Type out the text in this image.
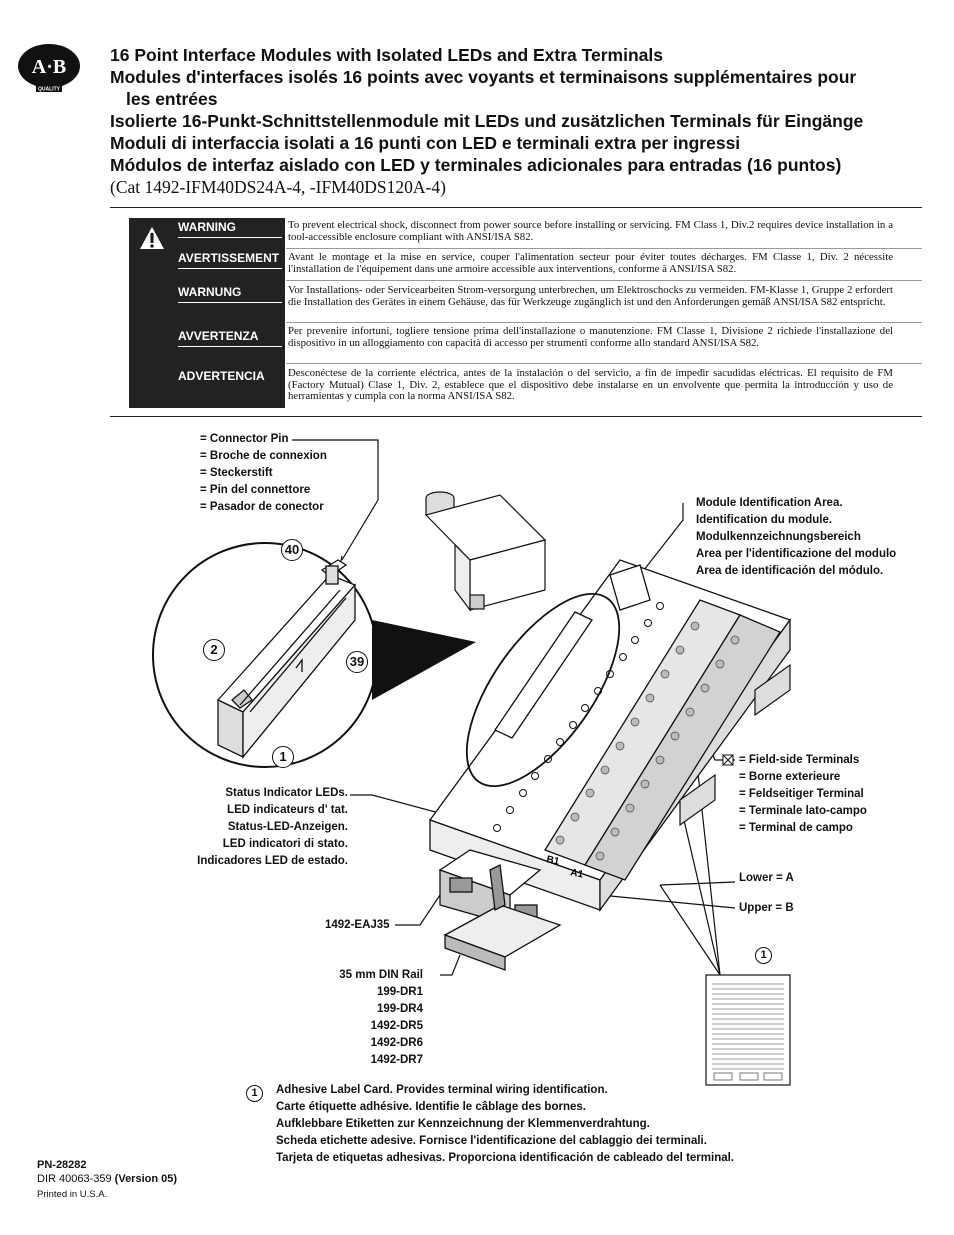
A·B
QUALITY
16 Point Interface Modules with Isolated LEDs and Extra Terminals
Modules d'interfaces isolés 16 points avec voyants et terminaisons supplémentaires pour
les entrées
Isolierte 16-Punkt-Schnittstellenmodule mit LEDs und zusätzlichen Terminals für Eingänge
Moduli di interfaccia isolati a 16 punti con LED e terminali extra per ingressi
Módulos de interfaz aislado con LED y terminales adicionales para entradas (16 puntos)
(Cat 1492-IFM40DS24A-4, -IFM40DS120A-4)
WARNING
AVERTISSEMENT
WARNUNG
AVVERTENZA
ADVERTENCIA
To prevent electrical shock, disconnect from power source before installing or servicing. FM Class 1, Div.2 requires device installation in a tool-accessible enclosure compliant with ANSI/ISA S82.
Avant le montage et la mise en service, couper l'alimentation secteur pour éviter toutes décharges. FM Classe 1, Div. 2 nécessite l'installation de l'équipement dans une armoire accessible aux interventions, conforme à ANSI/ISA S82.
Vor Installations- oder Servicearbeiten Strom-versorgung unterbrechen, um Elektroschocks zu vermeiden. FM-Klasse 1, Gruppe 2 erfordert die Installation des Gerätes in einem Gehäuse, das für Werkzeuge zugänglich ist und den Anforderungen gemäß ANSI/ISA S82 entspricht.
Per prevenire infortuni, togliere tensione prima dell'installazione o manutenzione. FM Classe 1, Divisione 2 richiede l'installazione del dispositivo in un alloggiamento con capacità di accesso per strumenti conforme allo standard ANSI/ISA S82.
Desconéctese de la corriente eléctrica, antes de la instalación o del servicio, a fin de impedir sacudidas eléctricas. El requisito de FM (Factory Mutual) Clase 1, Div. 2, establece que el dispositivo debe instalarse en un envolvente que permita la introducción y uso de herramientas y cumpla con la norma ANSI/ISA S82.
B1
A1
40
2
39
1
1
1
= Connector Pin
= Broche de connexion
= Steckerstift
= Pin del connettore
= Pasador de conector	Module Identification Area.
Identification du module.
Modulkennzeichnungsbereich
Area per l'identificazione del modulo
Area de identificación del módulo.
= Field-side Terminals
= Borne exterieure
= Feldseitiger Terminal
= Terminale lato-campo
= Terminal de campo
Status Indicator LEDs.
LED indicateurs d' tat.
Status-LED-Anzeigen.
LED indicatori di stato.
Indicadores LED de estado.
Lower = A
Upper = B
1492-EAJ35
35 mm DIN Rail
199-DR1
199-DR4
1492-DR5
1492-DR6
1492-DR7
Adhesive Label Card. Provides terminal wiring identification.
Carte étiquette adhésive. Identifie le câblage des bornes.
Aufklebbare Etiketten zur Kennzeichnung der Klemmenverdrahtung.
Scheda etichette adesive. Fornisce l'identificazione del cablaggio dei terminali.
Tarjeta de etiquetas adhesivas. Proporciona identificación de cableado del terminal.
PN-28282
DIR 40063-359 (Version 05)
Printed in U.S.A.
